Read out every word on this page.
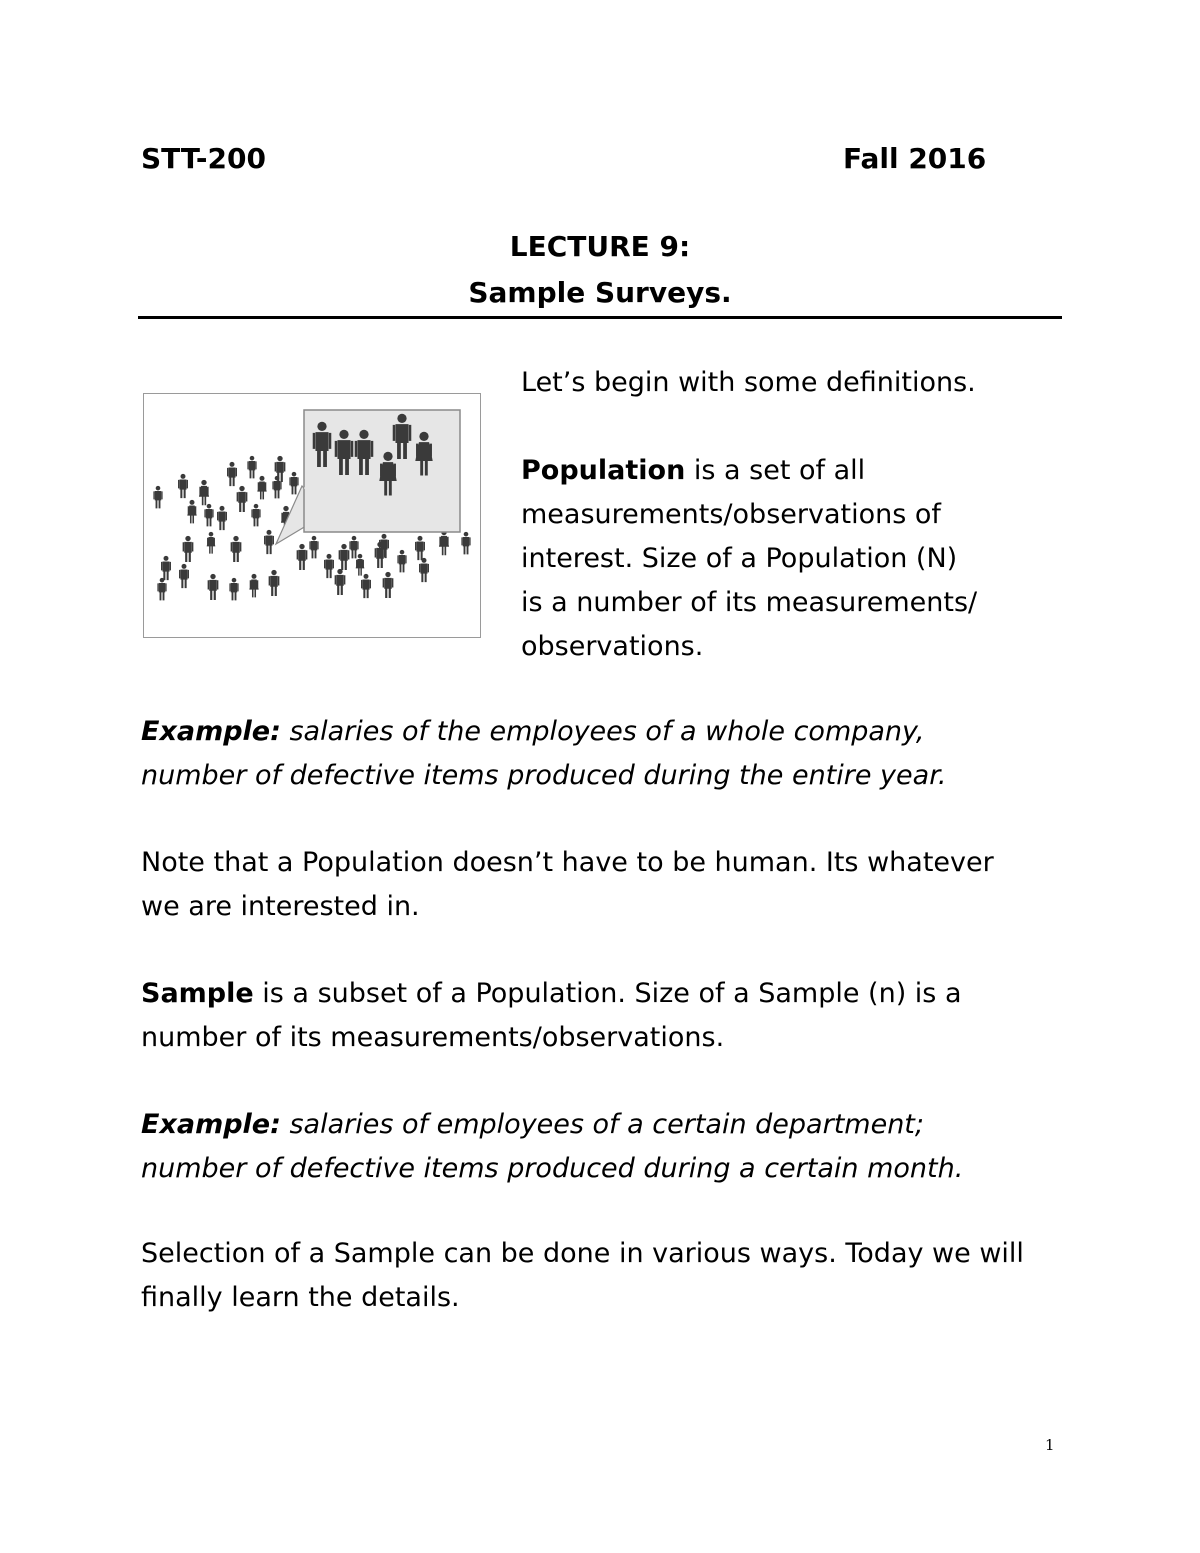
STT-200	Fall 2016
LECTURE 9:
Sample Surveys.
Let’s begin with some definitions.
Population is a set of all
measurements/observations of
interest. Size of a Population (N)
is a number of its measurements/
observations.
Example: salaries of the employees of a whole company,
number of defective items produced during the entire year.
Note that a Population doesn’t have to be human. Its whatever
we are interested in.
Sample is a subset of a Population. Size of a Sample (n) is a
number of its measurements/observations.
Example: salaries of employees of a certain department;
number of defective items produced during a certain month.
Selection of a Sample can be done in various ways. Today we will
finally learn the details.
1
